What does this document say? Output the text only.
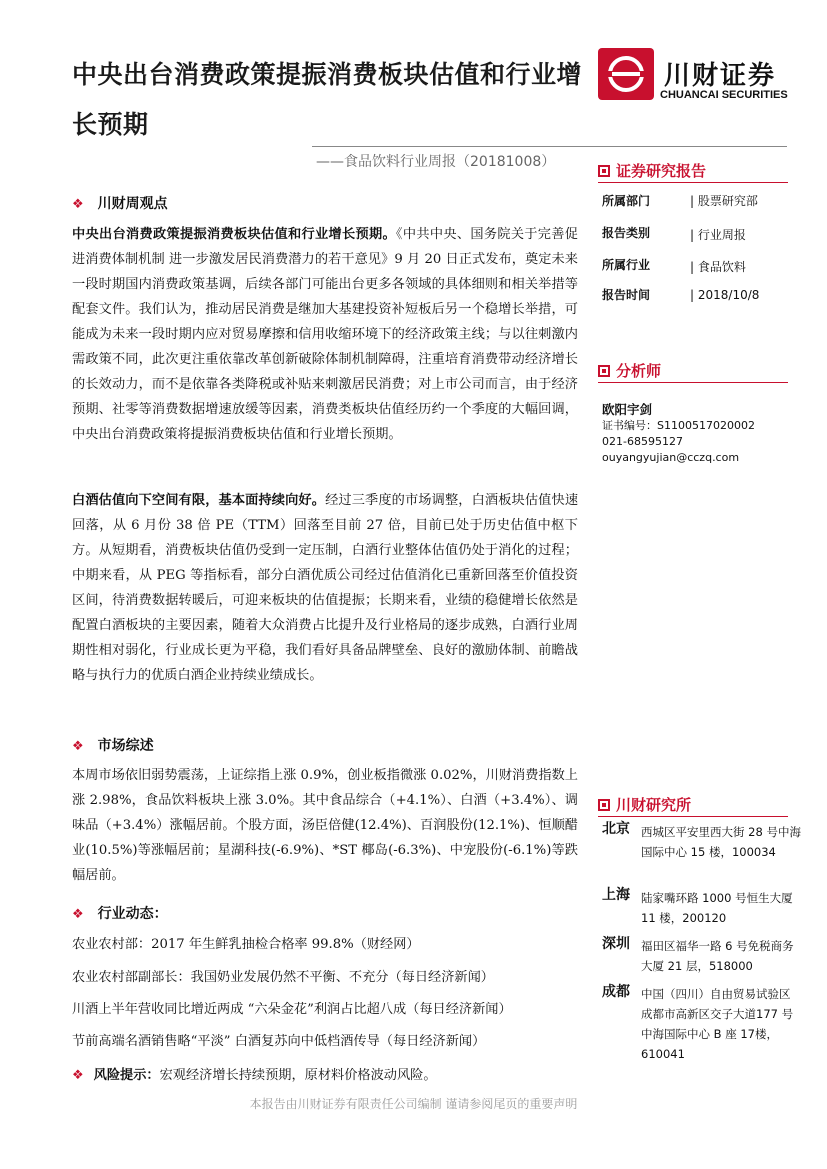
中央出台消费政策提振消费板块估值和行业增长预期
川财证券
CHUANCAI SECURITIES
——食品饮料行业周报（20181008）
❖ 川财周观点
中央出台消费政策提振消费板块估值和行业增长预期。《中共中央、国务院关于完善促进消费体制机制 进一步激发居民消费潜力的若干意见》9 月 20 日正式发布，奠定未来一段时期国内消费政策基调，后续各部门可能出台更多各领域的具体细则和相关举措等配套文件。我们认为，推动居民消费是继加大基建投资补短板后另一个稳增长举措，可能成为未来一段时期内应对贸易摩擦和信用收缩环境下的经济政策主线；与以往刺激内需政策不同，此次更注重依靠改革创新破除体制机制障碍，注重培育消费带动经济增长的长效动力，而不是依靠各类降税或补贴来刺激居民消费；对上市公司而言，由于经济预期、社零等消费数据增速放缓等因素，消费类板块估值经历约一个季度的大幅回调，中央出台消费政策将提振消费板块估值和行业增长预期。
白酒估值向下空间有限，基本面持续向好。经过三季度的市场调整，白酒板块估值快速回落，从 6 月份 38 倍 PE（TTM）回落至目前 27 倍，目前已处于历史估值中枢下方。从短期看，消费板块估值仍受到一定压制，白酒行业整体估值仍处于消化的过程；中期来看，从 PEG 等指标看，部分白酒优质公司经过估值消化已重新回落至价值投资区间，待消费数据转暖后，可迎来板块的估值提振；长期来看，业绩的稳健增长依然是配置白酒板块的主要因素，随着大众消费占比提升及行业格局的逐步成熟，白酒行业周期性相对弱化，行业成长更为平稳，我们看好具备品牌壁垒、良好的激励体制、前瞻战略与执行力的优质白酒企业持续业绩成长。
❖ 市场综述
本周市场依旧弱势震荡，上证综指上涨 0.9%，创业板指微涨 0.02%，川财消费指数上涨 2.98%，食品饮料板块上涨 3.0%。其中食品综合（+4.1%）、白酒（+3.4%）、调味品（+3.4%）涨幅居前。个股方面，汤臣倍健(12.4%)、百润股份(12.1%)、恒顺醋业(10.5%)等涨幅居前；星湖科技(-6.9%)、*ST 椰岛(-6.3%)、中宠股份(-6.1%)等跌幅居前。
❖ 行业动态：
农业农村部：2017 年生鲜乳抽检合格率 99.8%（财经网）
农业农村部副部长：我国奶业发展仍然不平衡、不充分（每日经济新闻）
川酒上半年营收同比增近两成 “六朵金花”利润占比超八成（每日经济新闻）
节前高端名酒销售略“平淡” 白酒复苏向中低档酒传导（每日经济新闻）
❖ 风险提示：宏观经济增长持续预期，原材料价格波动风险。
证券研究报告
所属部门	| 股票研究部
报告类别	| 行业周报
所属行业	| 食品饮料
报告时间	| 2018/10/8
分析师
欧阳宇剑
证书编号：S1100517020002
021-68595127
ouyangyujian@cczq.com
川财研究所
北京 西城区平安里西大街 28 号中海国际中心 15 楼，100034
上海 陆家嘴环路 1000 号恒生大厦 11 楼，200120
深圳 福田区福华一路 6 号免税商务大厦 21 层，518000
成都 中国（四川）自由贸易试验区成都市高新区交子大道177 号中海国际中心 B 座 17楼，610041
本报告由川财证券有限责任公司编制 谨请参阅尾页的重要声明
